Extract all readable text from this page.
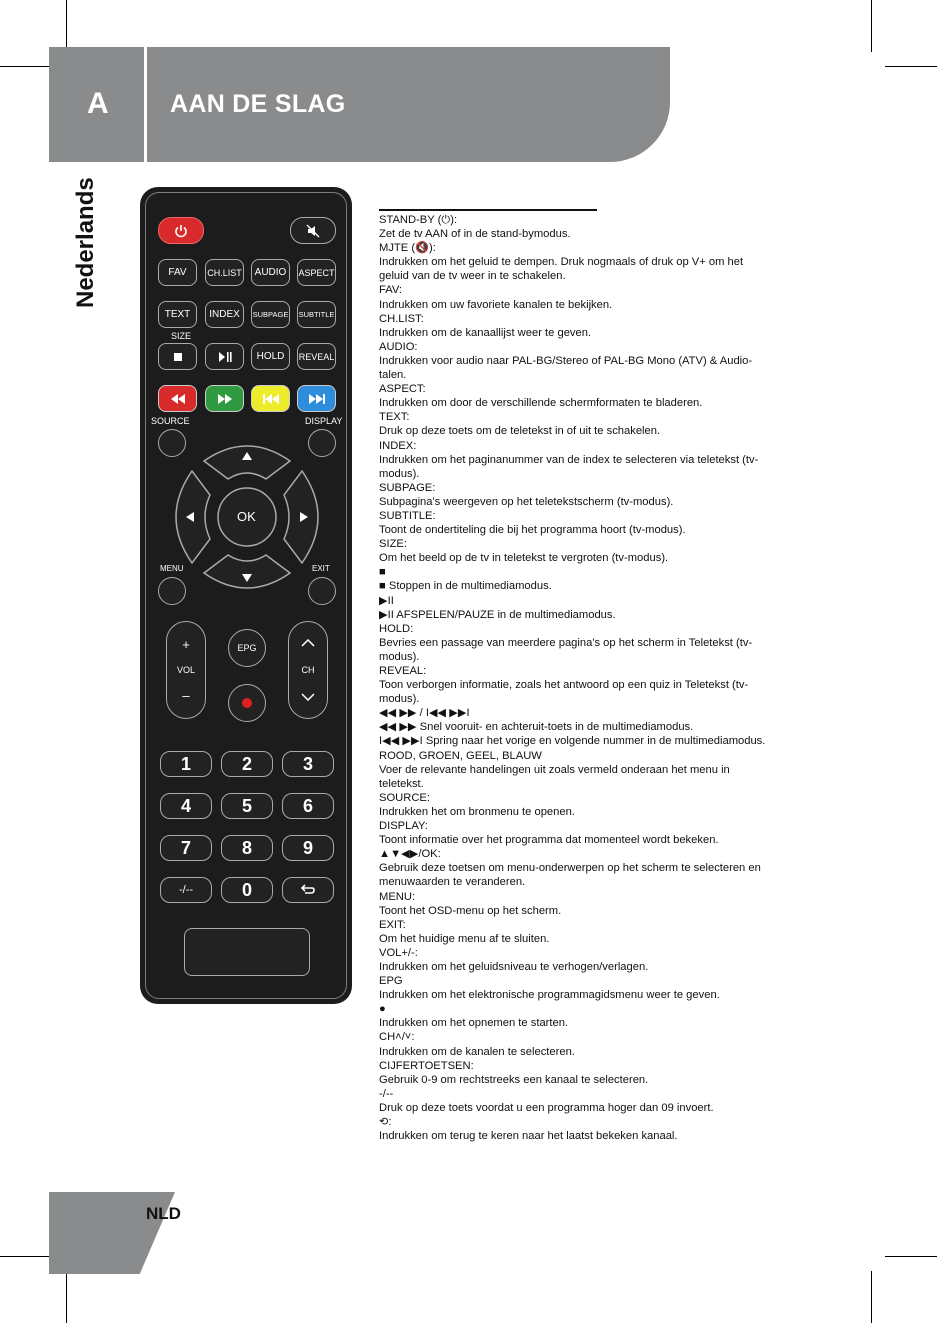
A AAN DE SLAG
Nederlands	FAV	CH.LIST	AUDIO	ASPECT
TEXT	INDEX	SUBPAGE SUBTITLE
SIZE
HOLD	REVEAL
SOURCE	DISPLAY
OK
MENU	EXIT
+
VOL
–
EPG
CH
1	2	3
4	5	6
7	8	9
-/--	0

STAND-BY (⏻):

Zet de tv AAN of in de stand-bymodus.

MJTE (🔇):

Indrukken om het geluid te dempen. Druk nogmaals of druk op V+ om het geluid van de tv weer in te schakelen.

FAV:

Indrukken om uw favoriete kanalen te bekijken.

CH.LIST:

Indrukken om de kanaallijst weer te geven.

AUDIO:

Indrukken voor audio naar PAL-BG/Stereo of PAL-BG Mono (ATV) & Audio-talen.

ASPECT:

Indrukken om door de verschillende schermformaten te bladeren.

TEXT:

Druk op deze toets om de teletekst in of uit te schakelen.

INDEX:

Indrukken om het paginanummer van de index te selecteren via teletekst (tv-modus).

SUBPAGE:

Subpagina's weergeven op het teletekstscherm (tv-modus).

SUBTITLE:

Toont de ondertiteling die bij het programma hoort (tv-modus).

SIZE:

Om het beeld op de tv in teletekst te vergroten (tv-modus).

■

■ Stoppen in de multimediamodus.

▶II

▶II AFSPELEN/PAUZE in de multimediamodus.

HOLD:

Bevries een passage van meerdere pagina's op het scherm in Teletekst (tv-modus).

REVEAL:

Toon verborgen informatie, zoals het antwoord op een quiz in Teletekst (tv-modus).

◀◀ ▶▶ / I◀◀ ▶▶I

◀◀ ▶▶ Snel vooruit- en achteruit-toets in de multimediamodus.

I◀◀ ▶▶I Spring naar het vorige en volgende nummer in de multimediamodus.

ROOD, GROEN, GEEL, BLAUW

Voer de relevante handelingen uit zoals vermeld onderaan het menu in teletekst.

SOURCE:

Indrukken het om bronmenu te openen.

DISPLAY:

Toont informatie over het programma dat momenteel wordt bekeken.

▲▼◀▶/OK:

Gebruik deze toetsen om menu-onderwerpen op het scherm te selecteren en menuwaarden te veranderen.

MENU:

Toont het OSD-menu op het scherm.

EXIT:

Om het huidige menu af te sluiten.

VOL+/-:

Indrukken om het geluidsniveau te verhogen/verlagen.

EPG

Indrukken om het elektronische programmagidsmenu weer te geven.

●

Indrukken om het opnemen te starten.

CH˄/˅:

Indrukken om de kanalen te selecteren.

CIJFERTOETSEN:

Gebruik 0-9 om rechtstreeks een kanaal te selecteren.

-/--

Druk op deze toets voordat u een programma hoger dan 09 invoert.

⟲:

Indrukken om terug te keren naar het laatst bekeken kanaal.

NLD
